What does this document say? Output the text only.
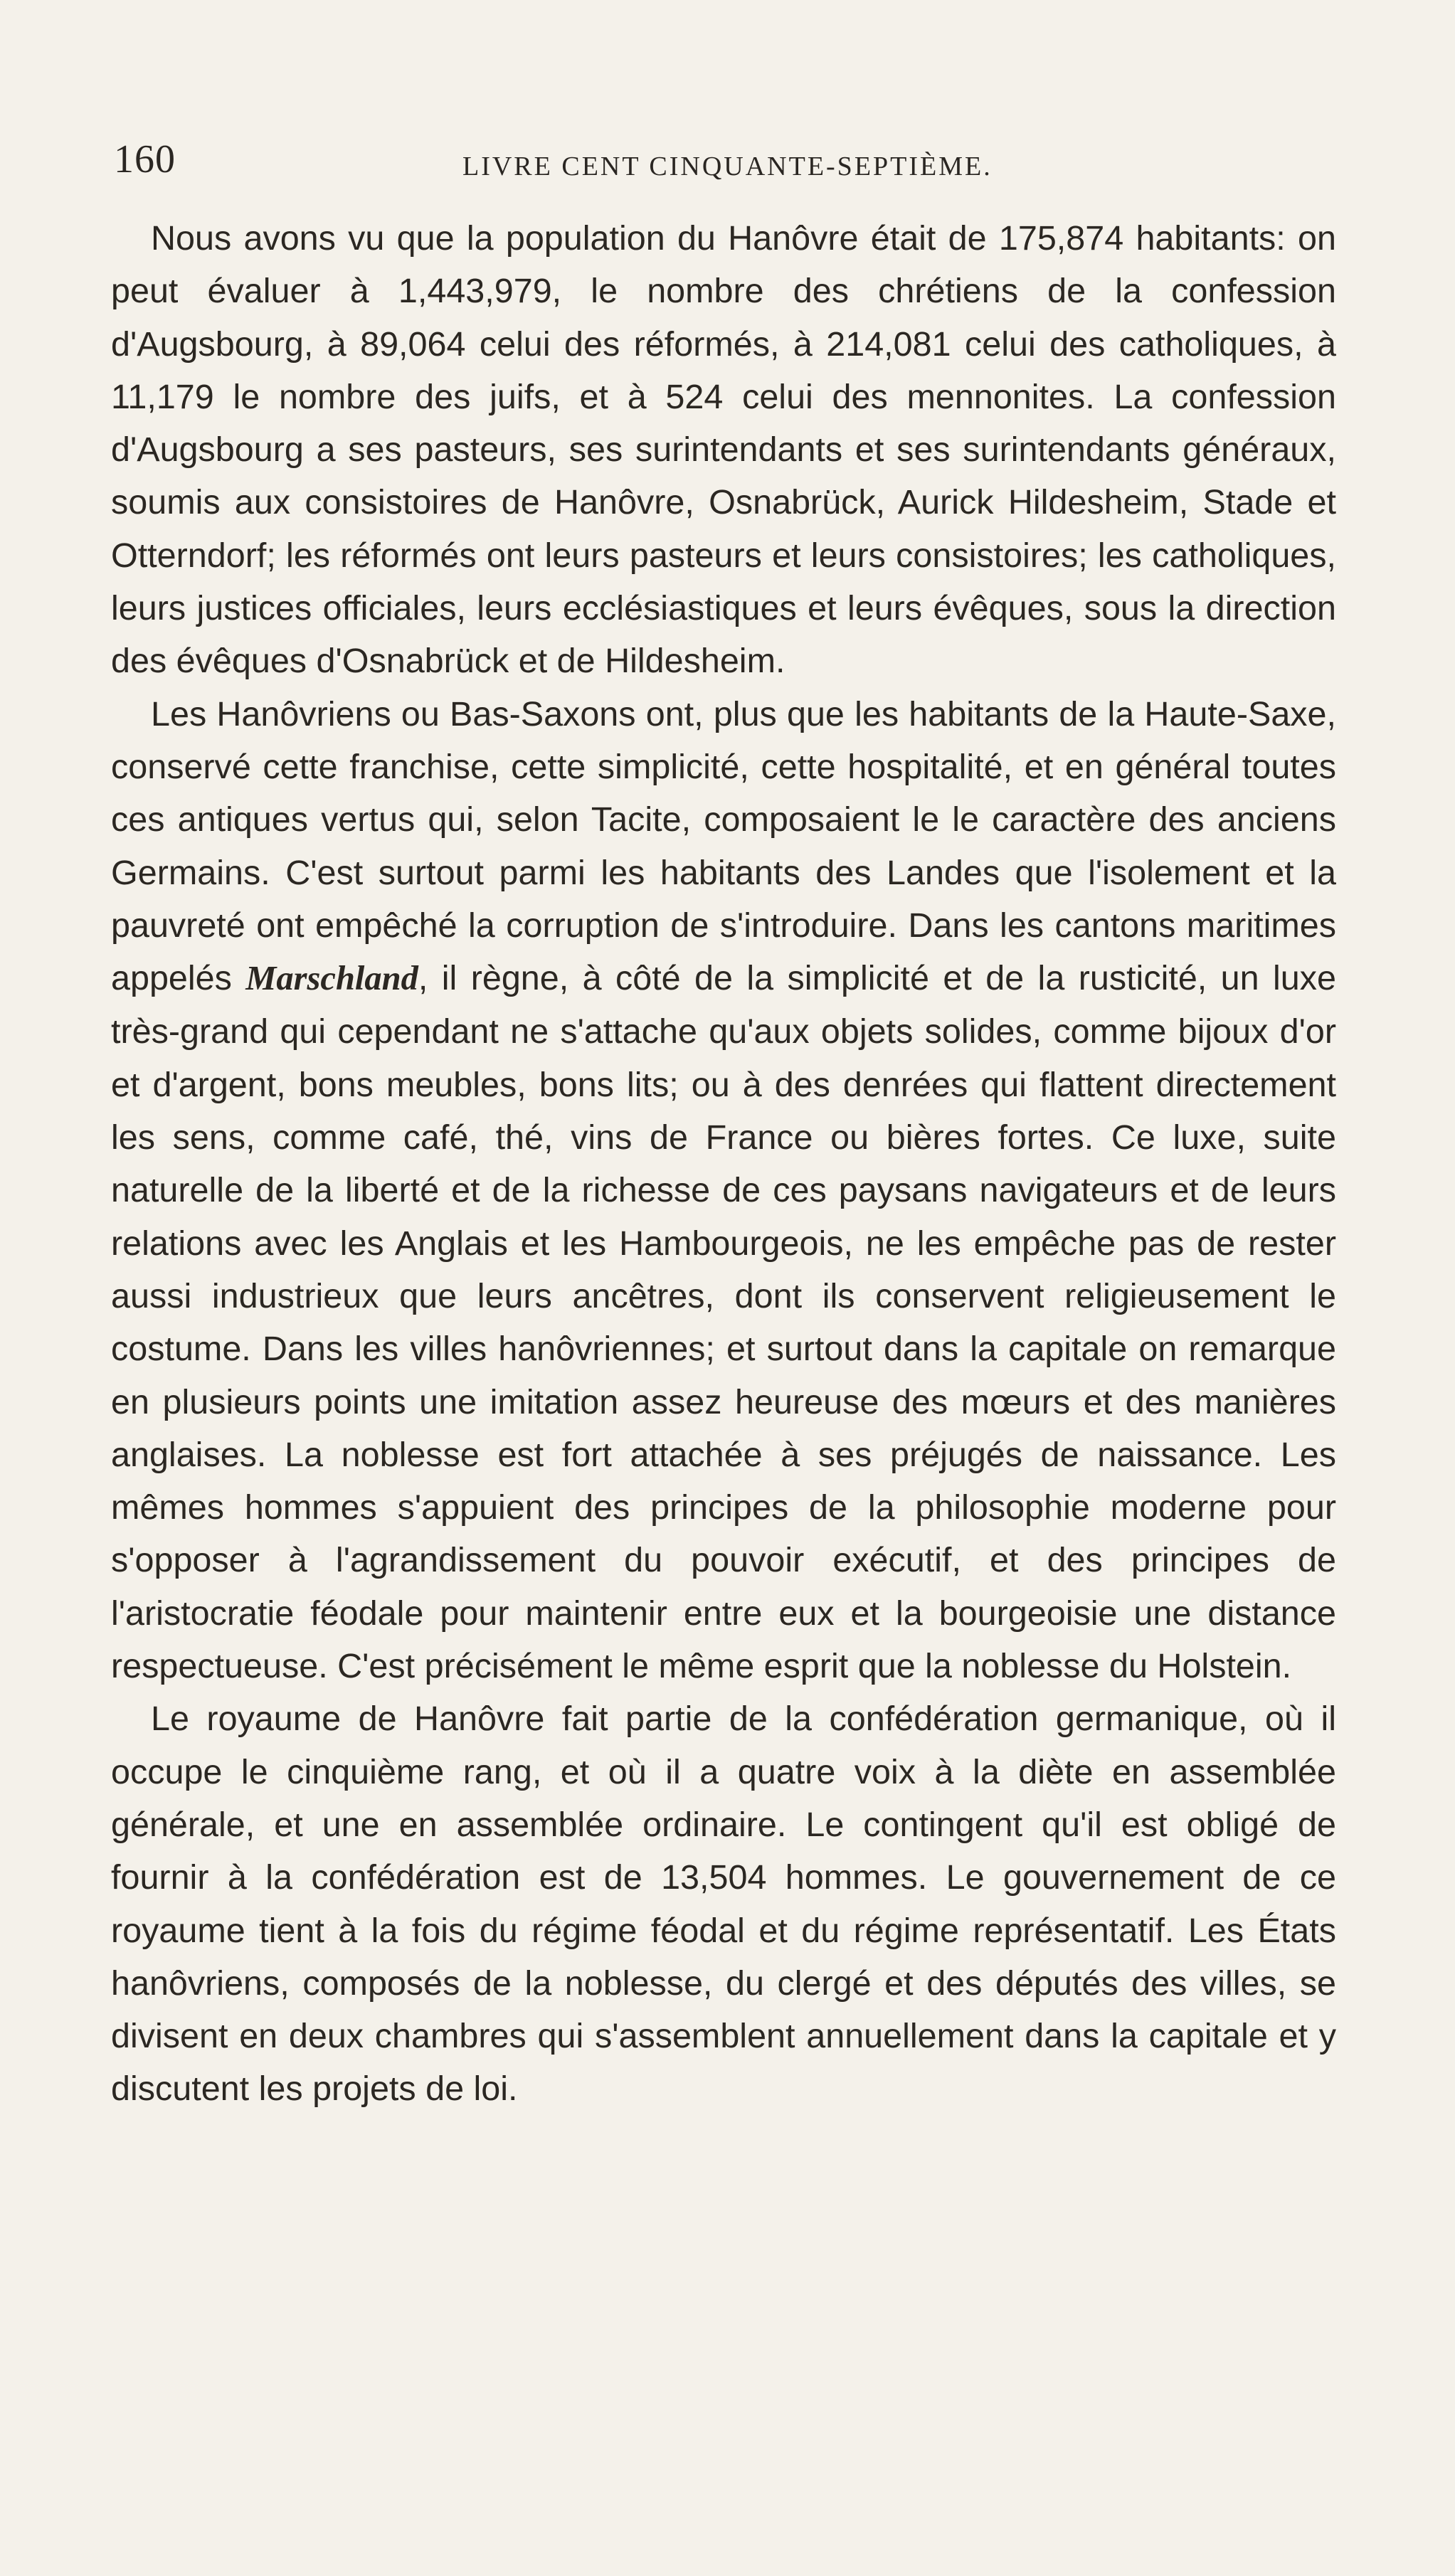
160	LIVRE CENT CINQUANTE-SEPTIÈME.

Nous avons vu que la population du Hanôvre était de 175,874 habitants: on peut évaluer à 1,443,979, le nombre des chrétiens de la confession d'Augsbourg, à 89,064 celui des réformés, à 214,081 celui des catholiques, à 11,179 le nombre des juifs, et à 524 celui des mennonites. La confession d'Augsbourg a ses pasteurs, ses surintendants et ses surintendants généraux, soumis aux consistoires de Hanôvre, Osnabrück, Aurick Hildesheim, Stade et Otterndorf; les réformés ont leurs pasteurs et leurs consistoires; les catholiques, leurs justices officiales, leurs ecclésiastiques et leurs évêques, sous la direction des évêques d'Osnabrück et de Hildesheim.

Les Hanôvriens ou Bas-Saxons ont, plus que les habitants de la Haute-Saxe, conservé cette franchise, cette simplicité, cette hospitalité, et en général toutes ces antiques vertus qui, selon Tacite, composaient le le caractère des anciens Germains. C'est surtout parmi les habitants des Landes que l'isolement et la pauvreté ont empêché la corruption de s'introduire. Dans les cantons maritimes appelés Marschland, il règne, à côté de la simplicité et de la rusticité, un luxe très-grand qui cependant ne s'attache qu'aux objets solides, comme bijoux d'or et d'argent, bons meubles, bons lits; ou à des denrées qui flattent directement les sens, comme café, thé, vins de France ou bières fortes. Ce luxe, suite naturelle de la liberté et de la richesse de ces paysans navigateurs et de leurs relations avec les Anglais et les Hambourgeois, ne les empêche pas de rester aussi industrieux que leurs ancêtres, dont ils conservent religieusement le costume. Dans les villes hanôvriennes; et surtout dans la capitale on remarque en plusieurs points une imitation assez heureuse des mœurs et des manières anglaises. La noblesse est fort attachée à ses préjugés de naissance. Les mêmes hommes s'appuient des principes de la philosophie moderne pour s'opposer à l'agrandissement du pouvoir exécutif, et des principes de l'aristocratie féodale pour maintenir entre eux et la bourgeoisie une distance respectueuse. C'est précisément le même esprit que la noblesse du Holstein.

Le royaume de Hanôvre fait partie de la confédération germanique, où il occupe le cinquième rang, et où il a quatre voix à la diète en assemblée générale, et une en assemblée ordinaire. Le contingent qu'il est obligé de fournir à la confédération est de 13,504 hommes. Le gouvernement de ce royaume tient à la fois du régime féodal et du régime représentatif. Les États hanôvriens, composés de la noblesse, du clergé et des députés des villes, se divisent en deux chambres qui s'assemblent annuellement dans la capitale et y discutent les projets de loi.
